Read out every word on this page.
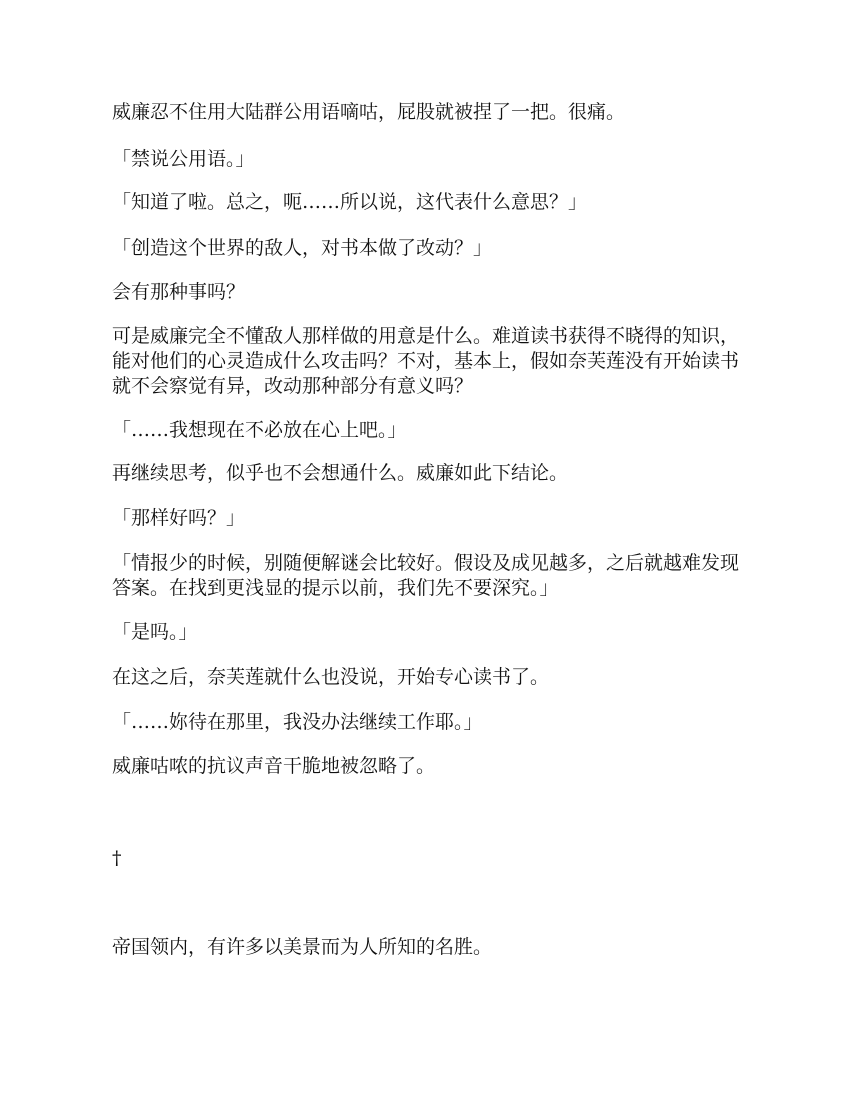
威廉忍不住用大陆群公用语嘀咕，屁股就被捏了一把。很痛。

「禁说公用语。」

「知道了啦。总之，呃……所以说，这代表什么意思？」

「创造这个世界的敌人，对书本做了改动？」

会有那种事吗？

可是威廉完全不懂敌人那样做的用意是什么。难道读书获得不晓得的知识，能对他们的心灵造成什么攻击吗？不对，基本上，假如奈芙莲没有开始读书就不会察觉有异，改动那种部分有意义吗？

「……我想现在不必放在心上吧。」

再继续思考，似乎也不会想通什么。威廉如此下结论。

「那样好吗？」

「情报少的时候，别随便解谜会比较好。假设及成见越多，之后就越难发现答案。在找到更浅显的提示以前，我们先不要深究。」

「是吗。」

在这之后，奈芙莲就什么也没说，开始专心读书了。

「……妳待在那里，我没办法继续工作耶。」

威廉咕哝的抗议声音干脆地被忽略了。

†

帝国领内，有许多以美景而为人所知的名胜。
